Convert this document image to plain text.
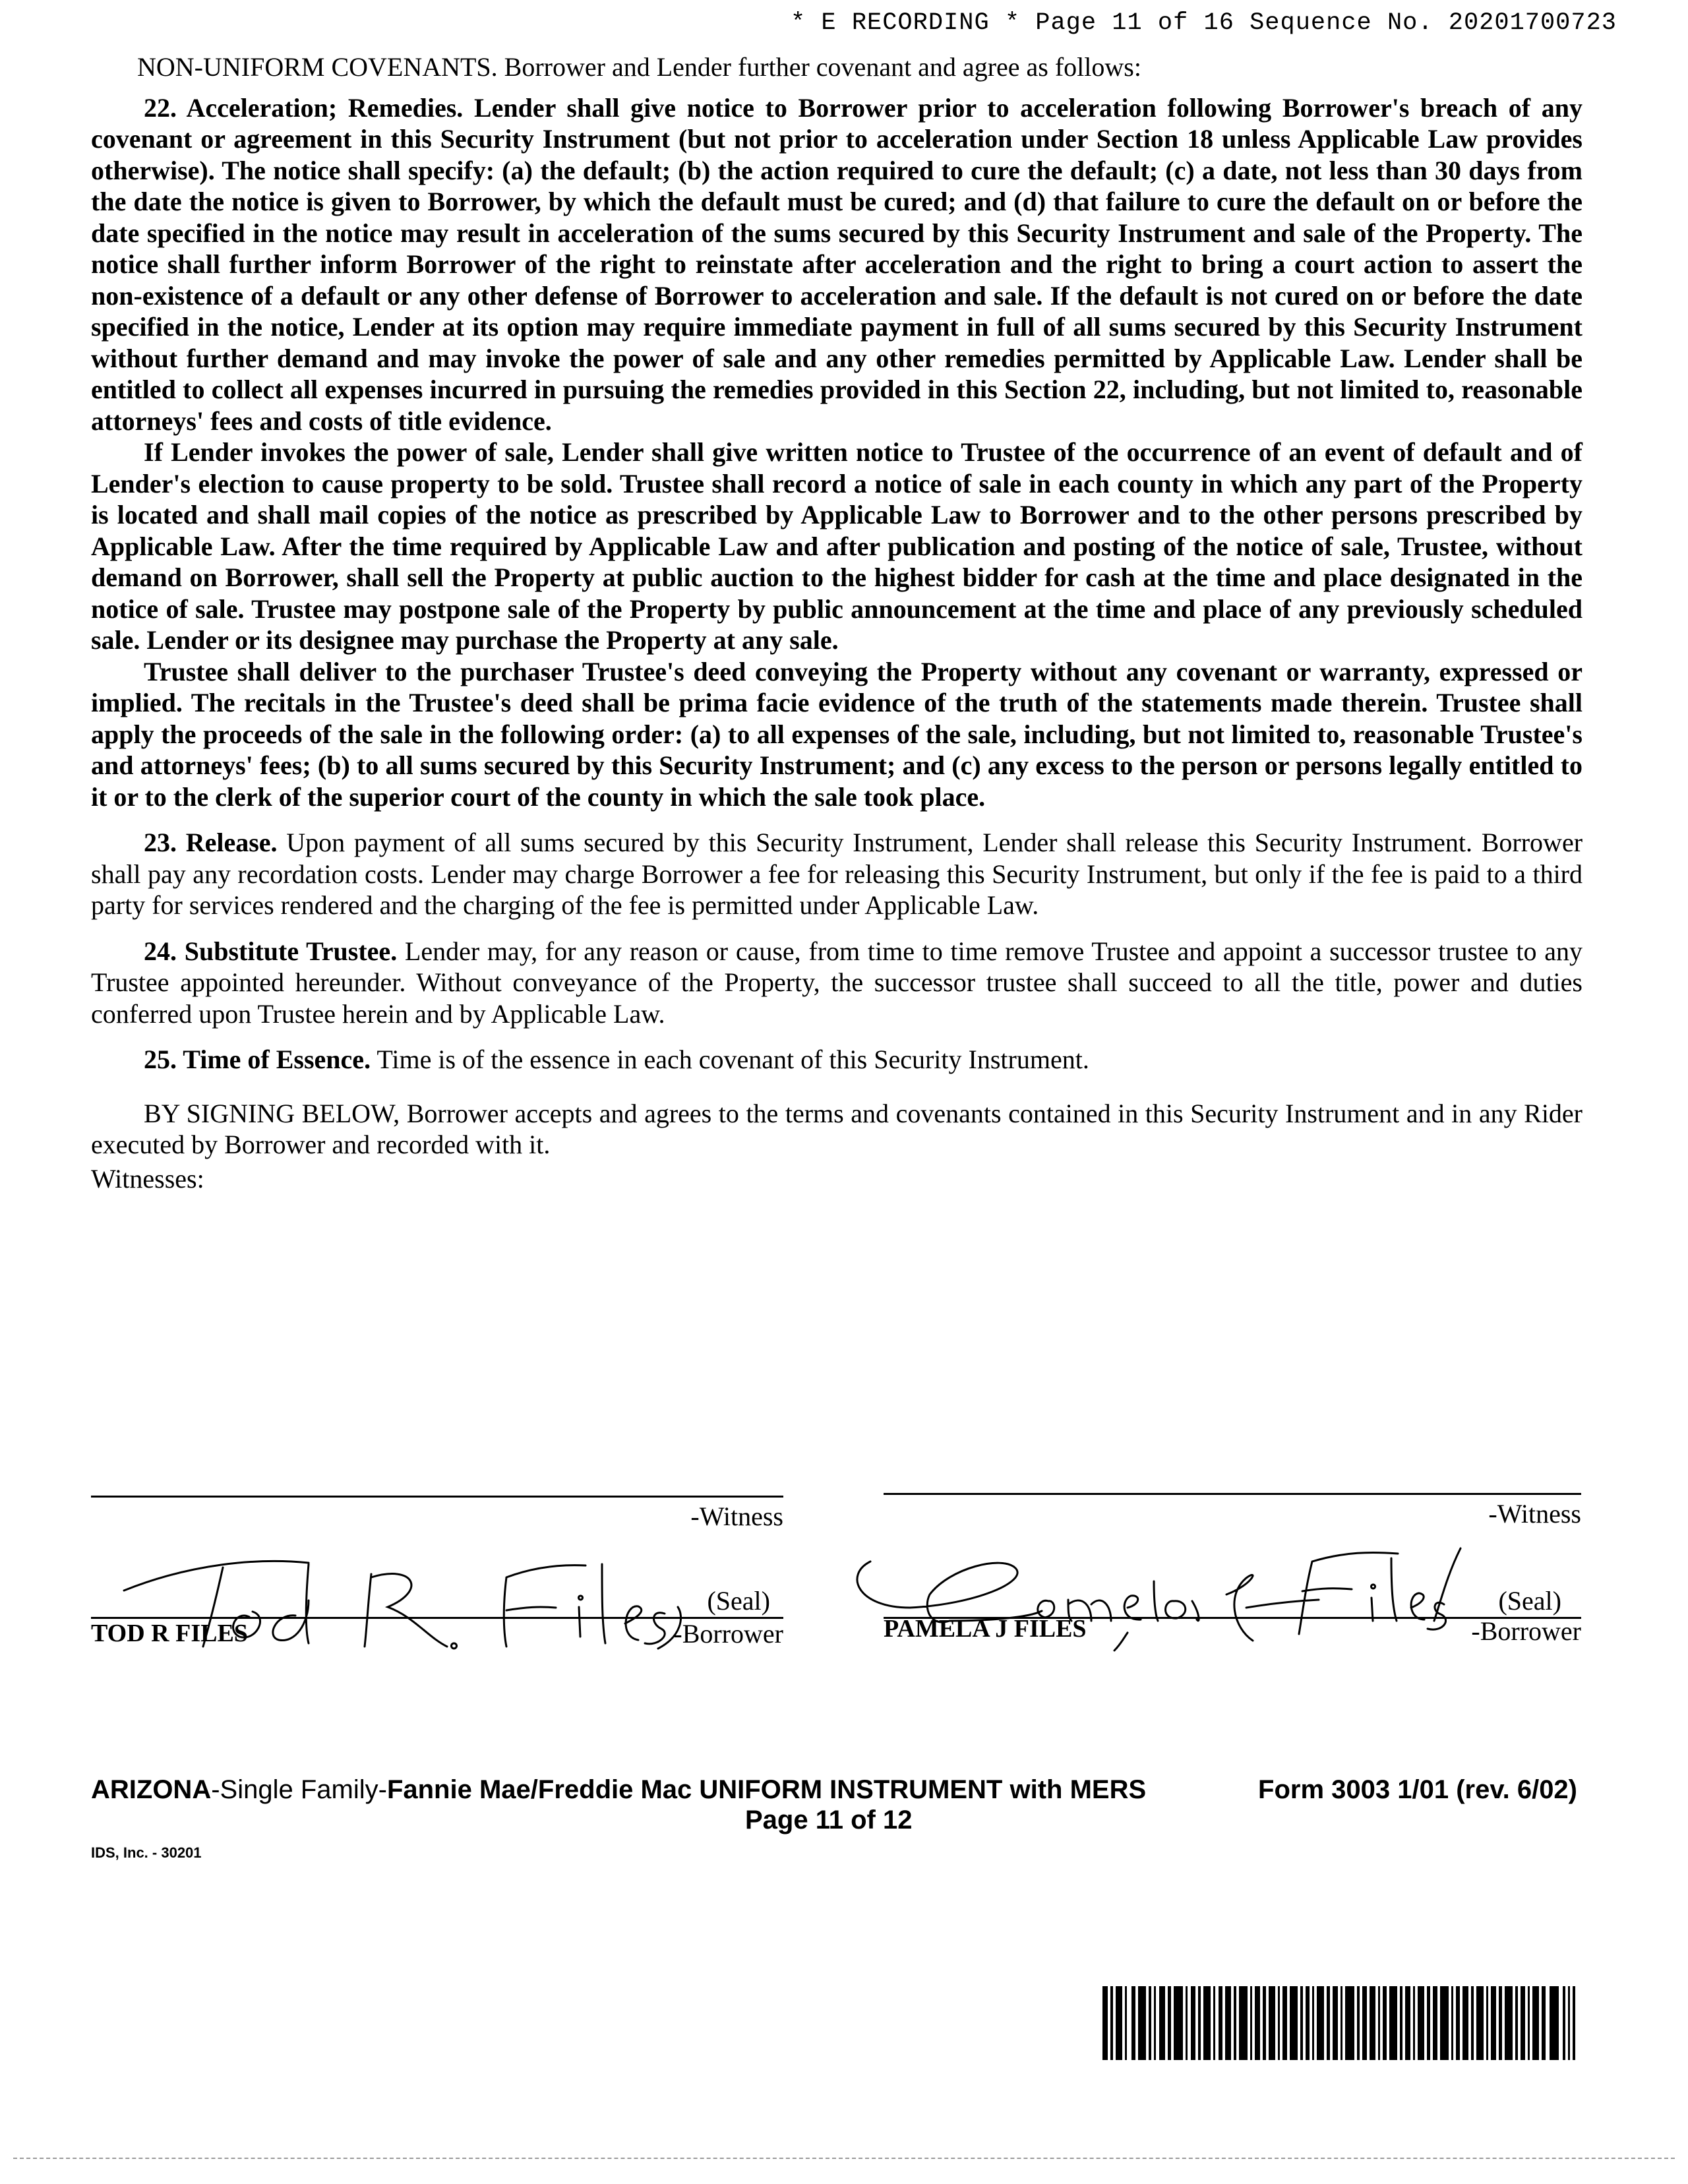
* E RECORDING * Page 11 of 16 Sequence No. 20201700723

NON-UNIFORM COVENANTS. Borrower and Lender further covenant and agree as follows:

22. Acceleration; Remedies. Lender shall give notice to Borrower prior to acceleration following Borrower's breach of any covenant or agreement in this Security Instrument (but not prior to acceleration under Section 18 unless Applicable Law provides otherwise). The notice shall specify: (a) the default; (b) the action required to cure the default; (c) a date, not less than 30 days from the date the notice is given to Borrower, by which the default must be cured; and (d) that failure to cure the default on or before the date specified in the notice may result in acceleration of the sums secured by this Security Instrument and sale of the Property. The notice shall further inform Borrower of the right to reinstate after acceleration and the right to bring a court action to assert the non-existence of a default or any other defense of Borrower to acceleration and sale. If the default is not cured on or before the date specified in the notice, Lender at its option may require immediate payment in full of all sums secured by this Security Instrument without further demand and may invoke the power of sale and any other remedies permitted by Applicable Law. Lender shall be entitled to collect all expenses incurred in pursuing the remedies provided in this Section 22, including, but not limited to, reasonable attorneys' fees and costs of title evidence.

If Lender invokes the power of sale, Lender shall give written notice to Trustee of the occurrence of an event of default and of Lender's election to cause property to be sold. Trustee shall record a notice of sale in each county in which any part of the Property is located and shall mail copies of the notice as prescribed by Applicable Law to Borrower and to the other persons prescribed by Applicable Law. After the time required by Applicable Law and after publication and posting of the notice of sale, Trustee, without demand on Borrower, shall sell the Property at public auction to the highest bidder for cash at the time and place designated in the notice of sale. Trustee may postpone sale of the Property by public announcement at the time and place of any previously scheduled sale. Lender or its designee may purchase the Property at any sale.

Trustee shall deliver to the purchaser Trustee's deed conveying the Property without any covenant or warranty, expressed or implied. The recitals in the Trustee's deed shall be prima facie evidence of the truth of the statements made therein. Trustee shall apply the proceeds of the sale in the following order: (a) to all expenses of the sale, including, but not limited to, reasonable Trustee's and attorneys' fees; (b) to all sums secured by this Security Instrument; and (c) any excess to the person or persons legally entitled to it or to the clerk of the superior court of the county in which the sale took place.

23. Release. Upon payment of all sums secured by this Security Instrument, Lender shall release this Security Instrument. Borrower shall pay any recordation costs. Lender may charge Borrower a fee for releasing this Security Instrument, but only if the fee is paid to a third party for services rendered and the charging of the fee is permitted under Applicable Law.

24. Substitute Trustee. Lender may, for any reason or cause, from time to time remove Trustee and appoint a successor trustee to any Trustee appointed hereunder. Without conveyance of the Property, the successor trustee shall succeed to all the title, power and duties conferred upon Trustee herein and by Applicable Law.

25. Time of Essence. Time is of the essence in each covenant of this Security Instrument.

BY SIGNING BELOW, Borrower accepts and agrees to the terms and covenants contained in this Security Instrument and in any Rider executed by Borrower and recorded with it.

Witnesses:

-Witness
(Seal)
-Borrower
TOD R FILES
-Witness
(Seal)
-Borrower
PAMELA J FILES
ARIZONA-Single Family-Fannie Mae/Freddie Mac UNIFORM INSTRUMENT with MERS	Form 3003 1/01 (rev. 6/02)
Page 11 of 12
IDS, Inc. - 30201
